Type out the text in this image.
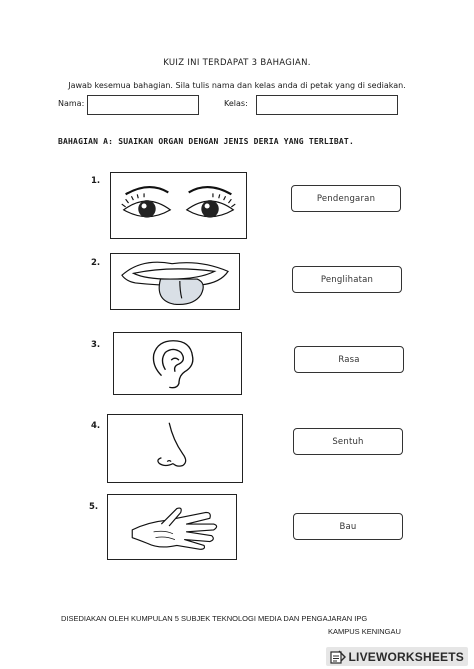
KUIZ INI TERDAPAT 3 BAHAGIAN.
Jawab kesemua bahagian. Sila tulis nama dan kelas anda di petak yang di sediakan.
Nama:	Kelas:
BAHAGIAN A: SUAIKAN ORGAN DENGAN JENIS DERIA YANG TERLIBAT.
1.
2.
3.
4.
5.
Pendengaran
Penglihatan
Rasa
Sentuh
Bau
DISEDIAKAN OLEH KUMPULAN 5 SUBJEK TEKNOLOGI MEDIA DAN PENGAJARAN IPG
KAMPUS KENINGAU
LIVEWORKSHEETS
